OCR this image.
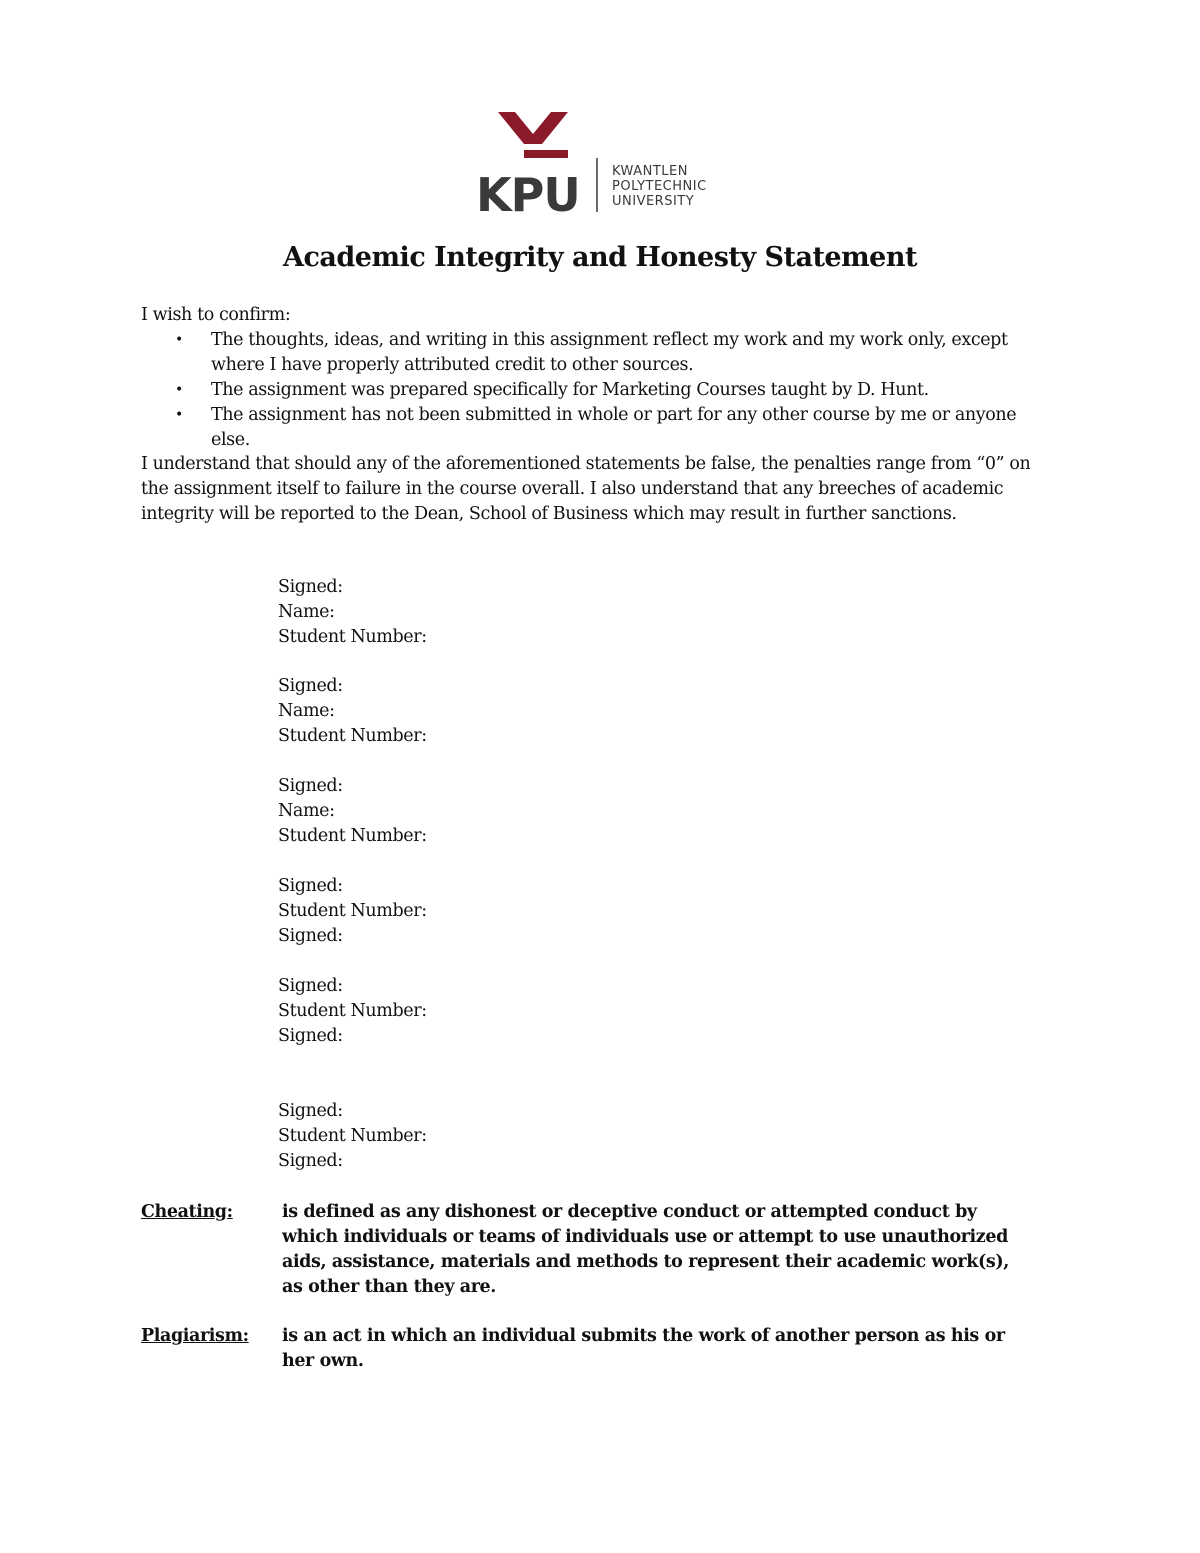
KPU KWANTLEN
POLYTECHNIC
UNIVERSITY
Academic Integrity and Honesty Statement

I wish to confirm:

• The thoughts, ideas, and writing in this assignment reflect my work and my work only, except where I have properly attributed credit to other sources.
• The assignment was prepared specifically for Marketing Courses taught by D. Hunt.
• The assignment has not been submitted in whole or part for any other course by me or anyone else.

I understand that should any of the aforementioned statements be false, the penalties range from “0” on the assignment itself to failure in the course overall. I also understand that any breeches of academic integrity will be reported to the Dean, School of Business which may result in further sanctions.

Signed:
Name:
Student Number:
Signed:
Name:
Student Number:
Signed:
Name:
Student Number:
Signed:
Student Number:
Signed:
Signed:
Student Number:
Signed:
Signed:
Student Number:
Signed:
Cheating:	is defined as any dishonest or deceptive conduct or attempted conduct by which individuals or teams of individuals use or attempt to use unauthorized aids, assistance, materials and methods to represent their academic work(s), as other than they are.
Plagiarism: is an act in which an individual submits the work of another person as his or her own.
